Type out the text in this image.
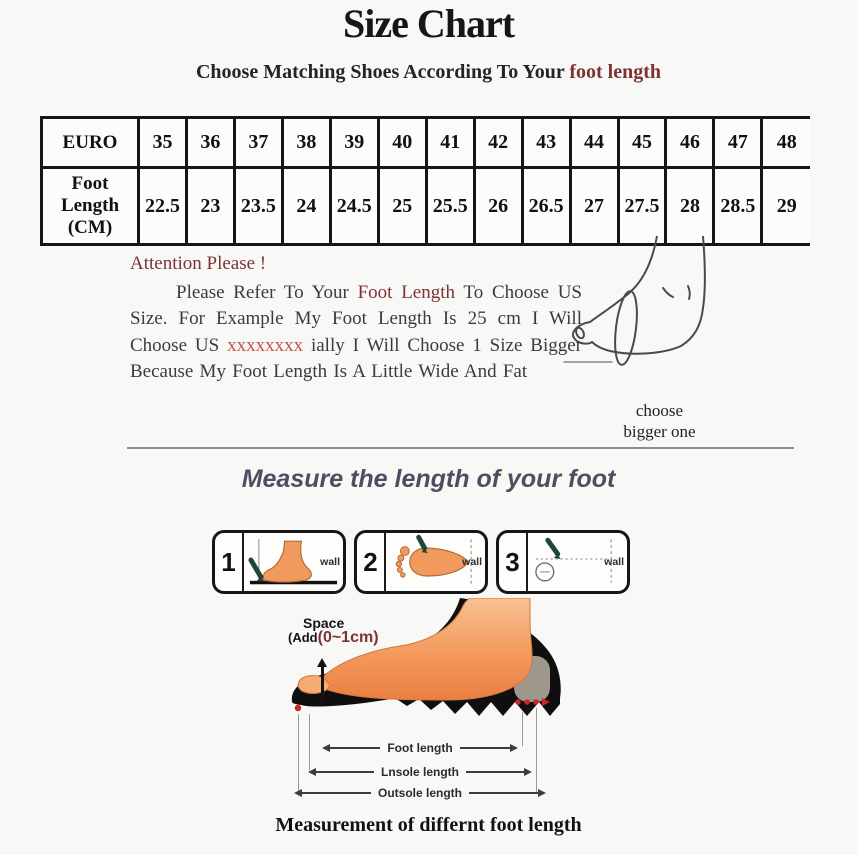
Size Chart
Choose Matching Shoes According To Your foot length
EURO	35	36	37	38	39	40	41	42	43	44	45	46	47	48
Foot Length (CM)	22.5	23	23.5	24	24.5	25	25.5	26	26.5	27	27.5	28	28.5	29
Attention Please !

Please Refer To Your Foot Length To Choose US Size. For Example My Foot Length Is 25 cm I Will Choose US xxxxxxxx ially I Will Choose 1 Size Bigger Because My Foot Length Is A Little Wide And Fat

choose
bigger one
Measure the length of your foot
1	wall 2	wall 3	wall
Space
(Add(0~1cm)
Foot length
Lnsole length
Outsole length
Measurement of differnt foot length
